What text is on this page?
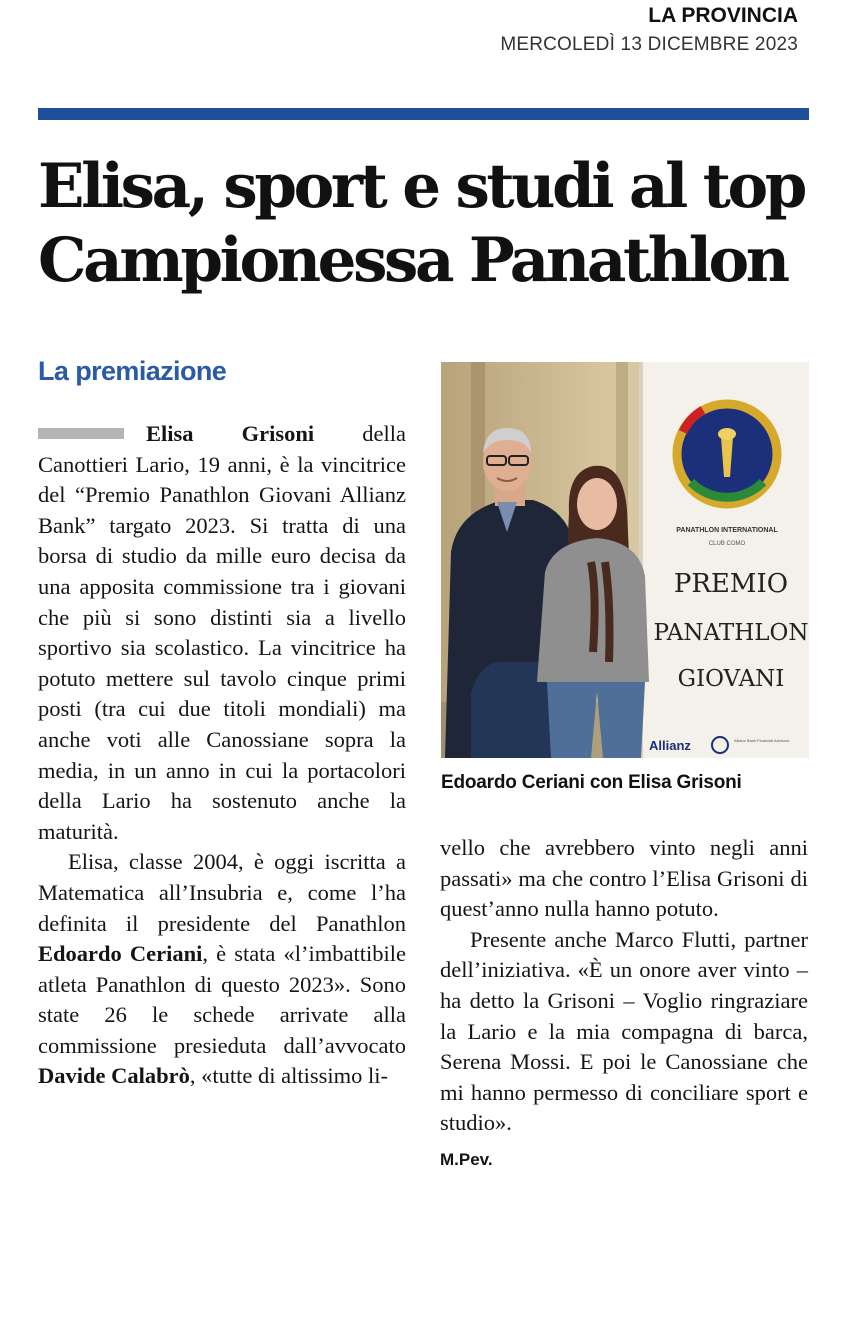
LA PROVINCIA
MERCOLEDÌ 13 DICEMBRE 2023
Elisa, sport e studi al top
Campionessa Panathlon
La premiazione

Elisa Grisoni della Canottieri Lario, 19 anni, è la vincitrice del “Premio Panathlon Giovani Allianz Bank” targato 2023. Si tratta di una borsa di studio da mille euro decisa da una apposita commissione tra i giovani che più si sono distinti sia a livello sportivo sia scolastico. La vincitrice ha potuto mettere sul tavolo cinque primi posti (tra cui due titoli mondiali) ma anche voti alle Canossiane sopra la media, in un anno in cui la portacolori della Lario ha sostenuto anche la maturità.

Elisa, classe 2004, è oggi iscritta a Matematica all’Insubria e, come l’ha definita il presidente del Panathlon Edoardo Ceriani, è stata «l’imbattibile atleta Panathlon di questo 2023». Sono state 26 le schede arrivate alla commissione presieduta dall’avvocato Davide Calabrò, «tutte di altissimo li-

PANATHLON INTERNATIONAL
CLUB COMO
PREMIO
PANATHLON
GIOVANI
Allianz	Allianz Bank Financial Advisors
Edoardo Ceriani con Elisa Grisoni

vello che avrebbero vinto negli anni passati» ma che contro l’Elisa Grisoni di quest’anno nulla hanno potuto.

Presente anche Marco Flutti, partner dell’iniziativa. «È un onore aver vinto – ha detto la Grisoni – Voglio ringraziare la Lario e la mia compagna di barca, Serena Mossi. E poi le Canossiane che mi hanno permesso di conciliare sport e studio».

M.Pev.
